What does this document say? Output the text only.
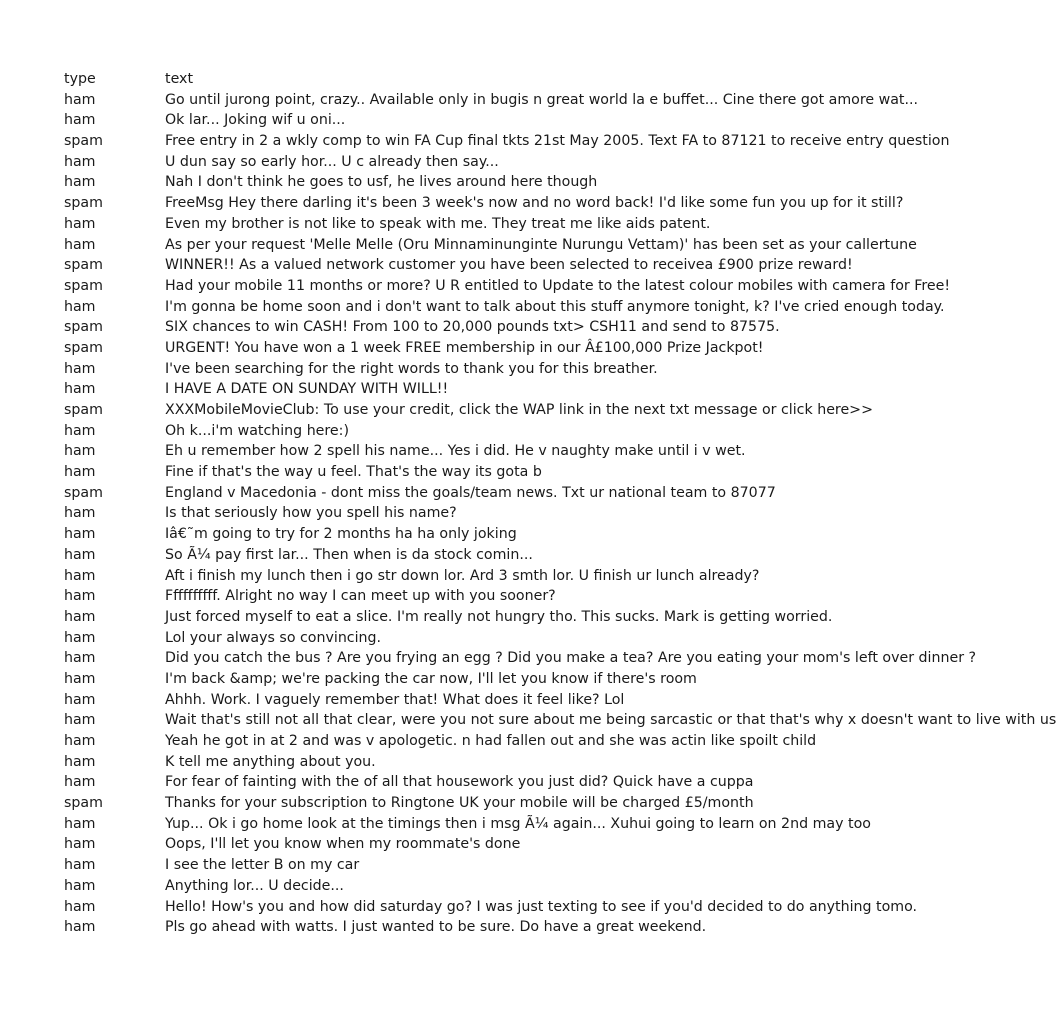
type	text
ham	Go until jurong point, crazy.. Available only in bugis n great world la e buffet... Cine there got amore wat...
ham	Ok lar... Joking wif u oni...
spam	Free entry in 2 a wkly comp to win FA Cup final tkts 21st May 2005. Text FA to 87121 to receive entry question
ham	U dun say so early hor... U c already then say...
ham	Nah I don't think he goes to usf, he lives around here though
spam	FreeMsg Hey there darling it's been 3 week's now and no word back! I'd like some fun you up for it still?
ham	Even my brother is not like to speak with me. They treat me like aids patent.
ham	As per your request 'Melle Melle (Oru Minnaminunginte Nurungu Vettam)' has been set as your callertune
spam	WINNER!! As a valued network customer you have been selected to receivea £900 prize reward!
spam	Had your mobile 11 months or more? U R entitled to Update to the latest colour mobiles with camera for Free!
ham	I'm gonna be home soon and i don't want to talk about this stuff anymore tonight, k? I've cried enough today.
spam	SIX chances to win CASH! From 100 to 20,000 pounds txt> CSH11 and send to 87575.
spam	URGENT! You have won a 1 week FREE membership in our Â£100,000 Prize Jackpot!
ham	I've been searching for the right words to thank you for this breather.
ham	I HAVE A DATE ON SUNDAY WITH WILL!!
spam	XXXMobileMovieClub: To use your credit, click the WAP link in the next txt message or click here>>
ham	Oh k...i'm watching here:)
ham	Eh u remember how 2 spell his name... Yes i did. He v naughty make until i v wet.
ham	Fine if that's the way u feel. That's the way its gota b
spam	England v Macedonia - dont miss the goals/team news. Txt ur national team to 87077
ham	Is that seriously how you spell his name?
ham	Iâ€˜m going to try for 2 months ha ha only joking
ham	So Ã¼ pay first lar... Then when is da stock comin...
ham	Aft i finish my lunch then i go str down lor. Ard 3 smth lor. U finish ur lunch already?
ham	Ffffffffff. Alright no way I can meet up with you sooner?
ham	Just forced myself to eat a slice. I'm really not hungry tho. This sucks. Mark is getting worried.
ham	Lol your always so convincing.
ham	Did you catch the bus ? Are you frying an egg ? Did you make a tea? Are you eating your mom's left over dinner ?
ham	I'm back &amp; we're packing the car now, I'll let you know if there's room
ham	Ahhh. Work. I vaguely remember that! What does it feel like? Lol
ham	Wait that's still not all that clear, were you not sure about me being sarcastic or that that's why x doesn't want to live with us
ham	Yeah he got in at 2 and was v apologetic. n had fallen out and she was actin like spoilt child
ham	K tell me anything about you.
ham	For fear of fainting with the of all that housework you just did? Quick have a cuppa
spam	Thanks for your subscription to Ringtone UK your mobile will be charged £5/month
ham	Yup... Ok i go home look at the timings then i msg Ã¼ again... Xuhui going to learn on 2nd may too
ham	Oops, I'll let you know when my roommate's done
ham	I see the letter B on my car
ham	Anything lor... U decide...
ham	Hello! How's you and how did saturday go? I was just texting to see if you'd decided to do anything tomo.
ham	Pls go ahead with watts. I just wanted to be sure. Do have a great weekend.
